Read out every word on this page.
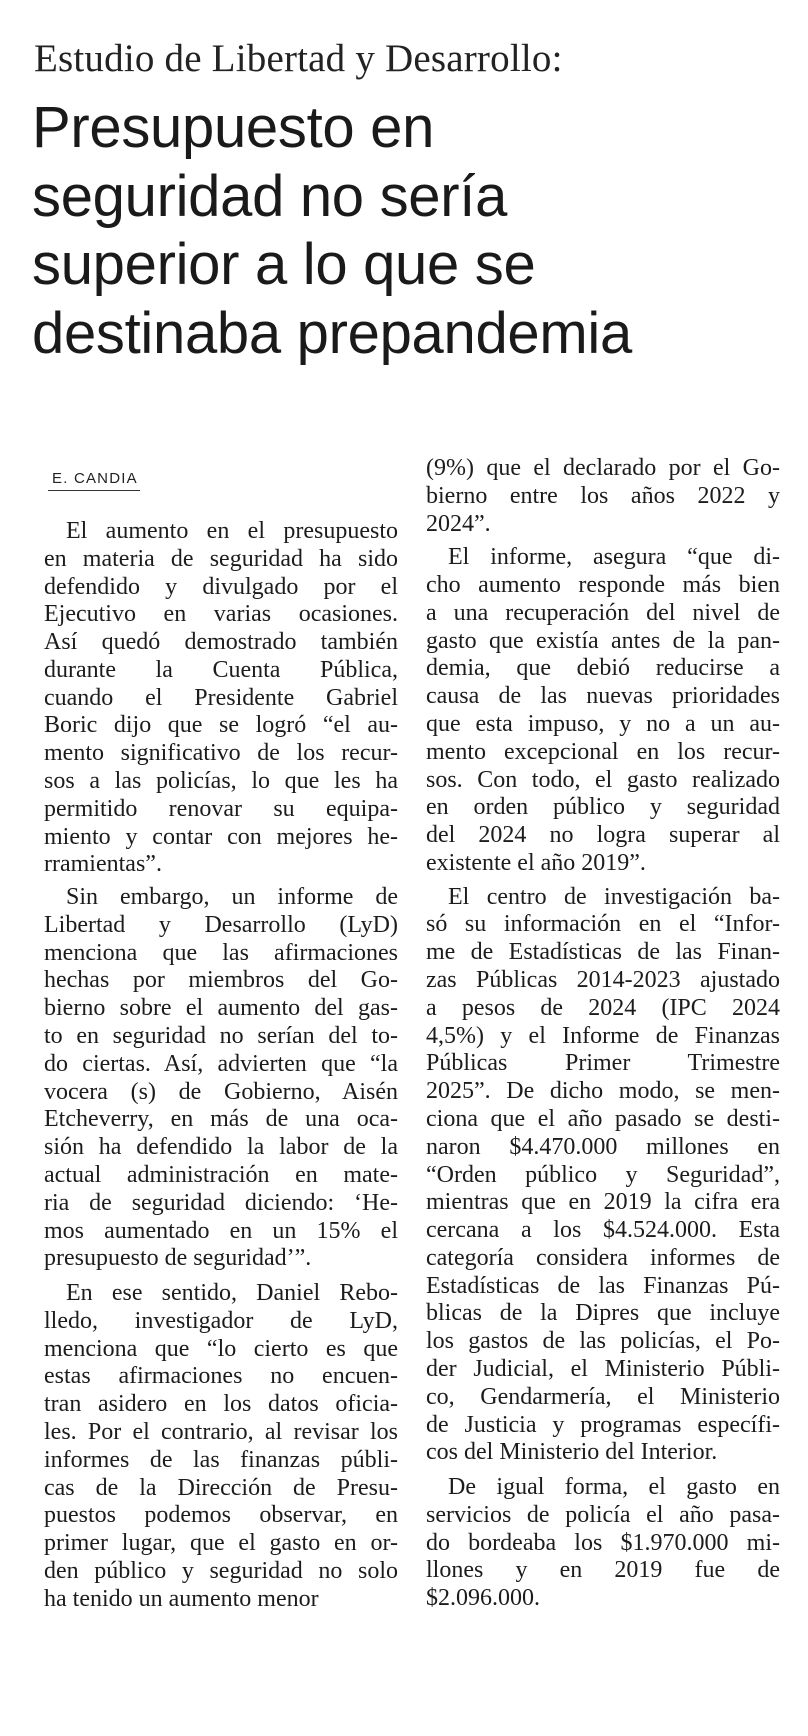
Estudio de Libertad y Desarrollo:
Presupuesto en
seguridad no sería
superior a lo que se
destinaba prepandemia
E. CANDIA
El aumento en el presupuesto
en materia de seguridad ha sido
defendido y divulgado por el
Ejecutivo en varias ocasiones.
Así quedó demostrado también
durante la Cuenta Pública,
cuando el Presidente Gabriel
Boric dijo que se logró “el au-
mento significativo de los recur-
sos a las policías, lo que les ha
permitido renovar su equipa-
miento y contar con mejores he-
rramientas”.
Sin embargo, un informe de
Libertad y Desarrollo (LyD)
menciona que las afirmaciones
hechas por miembros del Go-
bierno sobre el aumento del gas-
to en seguridad no serían del to-
do ciertas. Así, advierten que “la
vocera (s) de Gobierno, Aisén
Etcheverry, en más de una oca-
sión ha defendido la labor de la
actual administración en mate-
ria de seguridad diciendo: ‘He-
mos aumentado en un 15% el
presupuesto de seguridad’”.
En ese sentido, Daniel Rebo-
lledo, investigador de LyD,
menciona que “lo cierto es que
estas afirmaciones no encuen-
tran asidero en los datos oficia-
les. Por el contrario, al revisar los
informes de las finanzas públi-
cas de la Dirección de Presu-
puestos podemos observar, en
primer lugar, que el gasto en or-
den público y seguridad no solo
ha tenido un aumento menor
(9%) que el declarado por el Go-
bierno entre los años 2022 y
2024”.
El informe, asegura “que di-
cho aumento responde más bien
a una recuperación del nivel de
gasto que existía antes de la pan-
demia, que debió reducirse a
causa de las nuevas prioridades
que esta impuso, y no a un au-
mento excepcional en los recur-
sos. Con todo, el gasto realizado
en orden público y seguridad
del 2024 no logra superar al
existente el año 2019”.
El centro de investigación ba-
só su información en el “Infor-
me de Estadísticas de las Finan-
zas Públicas 2014-2023 ajustado
a pesos de 2024 (IPC 2024
4,5%) y el Informe de Finanzas
Públicas Primer Trimestre
2025”. De dicho modo, se men-
ciona que el año pasado se desti-
naron $4.470.000 millones en
“Orden público y Seguridad”,
mientras que en 2019 la cifra era
cercana a los $4.524.000. Esta
categoría considera informes de
Estadísticas de las Finanzas Pú-
blicas de la Dipres que incluye
los gastos de las policías, el Po-
der Judicial, el Ministerio Públi-
co, Gendarmería, el Ministerio
de Justicia y programas específi-
cos del Ministerio del Interior.
De igual forma, el gasto en
servicios de policía el año pasa-
do bordeaba los $1.970.000 mi-
llones y en 2019 fue de
$2.096.000.
